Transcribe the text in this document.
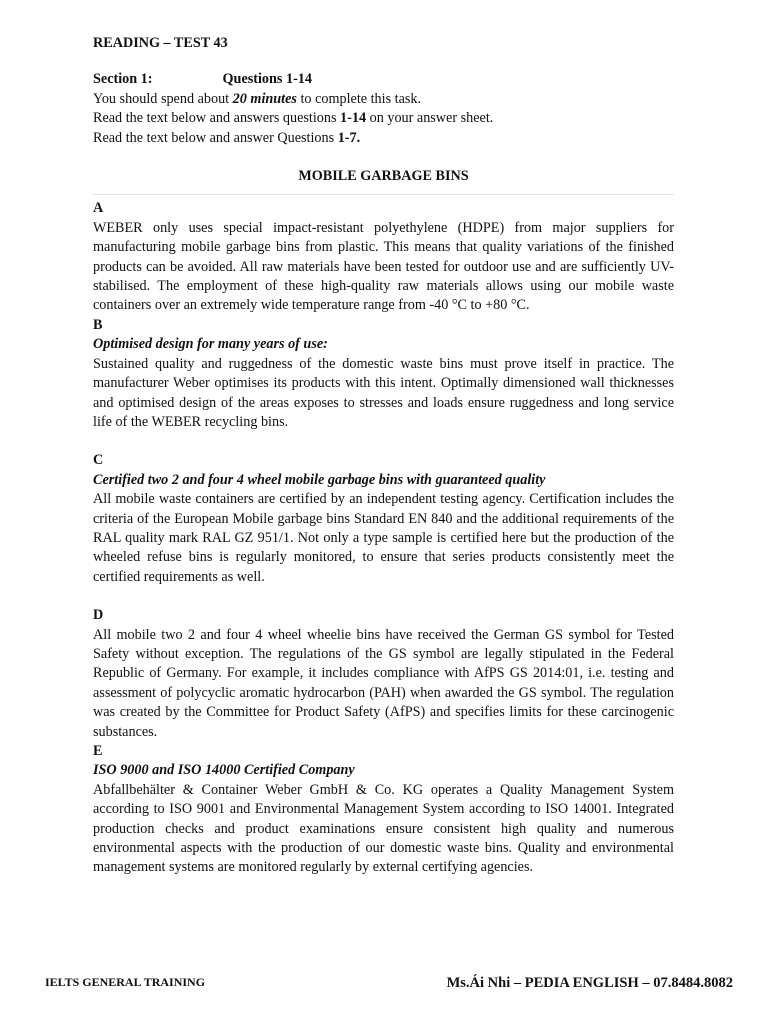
READING – TEST 43

Section 1:	Questions 1-14

You should spend about 20 minutes to complete this task.

Read the text below and answers questions 1-14 on your answer sheet.

Read the text below and answer Questions 1-7.

MOBILE GARBAGE BINS

A

WEBER only uses special impact-resistant polyethylene (HDPE) from major suppliers for manufacturing mobile garbage bins from plastic. This means that quality variations of the finished products can be avoided. All raw materials have been tested for outdoor use and are sufficiently UV-stabilised. The employment of these high-quality raw materials allows using our mobile waste containers over an extremely wide temperature range from -40 °C to +80 °C.

B

Optimised design for many years of use:

Sustained quality and ruggedness of the domestic waste bins must prove itself in practice. The manufacturer Weber optimises its products with this intent. Optimally dimensioned wall thicknesses and optimised design of the areas exposes to stresses and loads ensure ruggedness and long service life of the WEBER recycling bins.

C

Certified two 2 and four 4 wheel mobile garbage bins with guaranteed quality

All mobile waste containers are certified by an independent testing agency. Certification includes the criteria of the European Mobile garbage bins Standard EN 840 and the additional requirements of the RAL quality mark RAL GZ 951/1. Not only a type sample is certified here but the production of the wheeled refuse bins is regularly monitored, to ensure that series products consistently meet the certified requirements as well.

D

All mobile two 2 and four 4 wheel wheelie bins have received the German GS symbol for Tested Safety without exception. The regulations of the GS symbol are legally stipulated in the Federal Republic of Germany. For example, it includes compliance with AfPS GS 2014:01, i.e. testing and assessment of polycyclic aromatic hydrocarbon (PAH) when awarded the GS symbol. The regulation was created by the Committee for Product Safety (AfPS) and specifies limits for these carcinogenic substances.

E

ISO 9000 and ISO 14000 Certified Company

Abfallbehälter & Container Weber GmbH & Co. KG operates a Quality Management System according to ISO 9001 and Environmental Management System according to ISO 14001. Integrated production checks and product examinations ensure consistent high quality and numerous environmental aspects with the production of our domestic waste bins. Quality and environmental management systems are monitored regularly by external certifying agencies.

IELTS GENERAL TRAINING	Ms.Ái Nhi – PEDIA ENGLISH – 07.8484.8082
